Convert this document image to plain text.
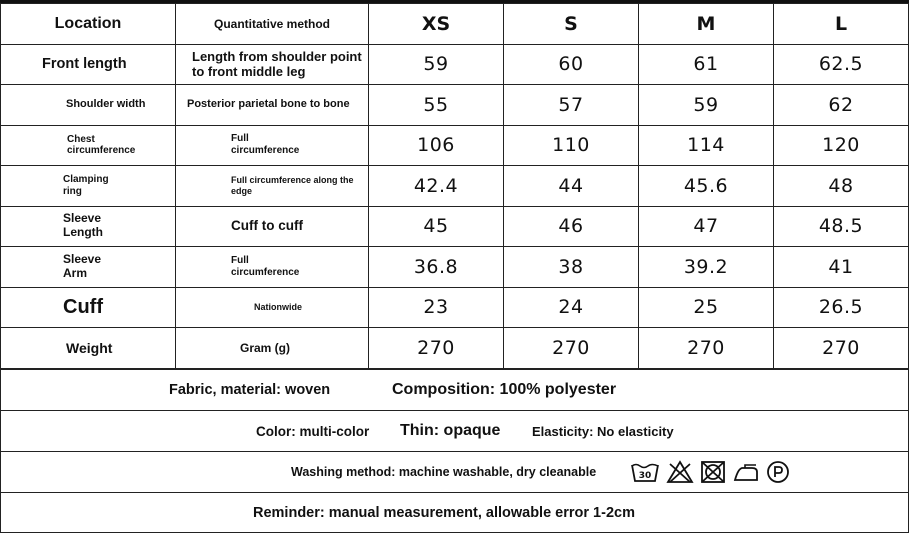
Location	Quantitative method	XS	S	M	L
Front length	Length from shoulder point to front middle leg	59	60	61	62.5
Shoulder width	Posterior parietal bone to bone	55	57	59	62
Chest circumference	Full circumference	106	110	114	120
Clamping ring	Full circumference along the edge	42.4	44	45.6	48
Sleeve Length	Cuff to cuff	45	46	47	48.5
Sleeve Arm	Full circumference	36.8	38	39.2	41
Cuff	Nationwide	23	24	25	26.5
Weight	Gram (g)	270	270	270	270
Fabric, material: woven	Composition: 100% polyester
Color: multi-color Thin: opaque Elasticity: No elasticity
Washing method: machine washable, dry cleanable	30
Reminder: manual measurement, allowable error 1-2cm
